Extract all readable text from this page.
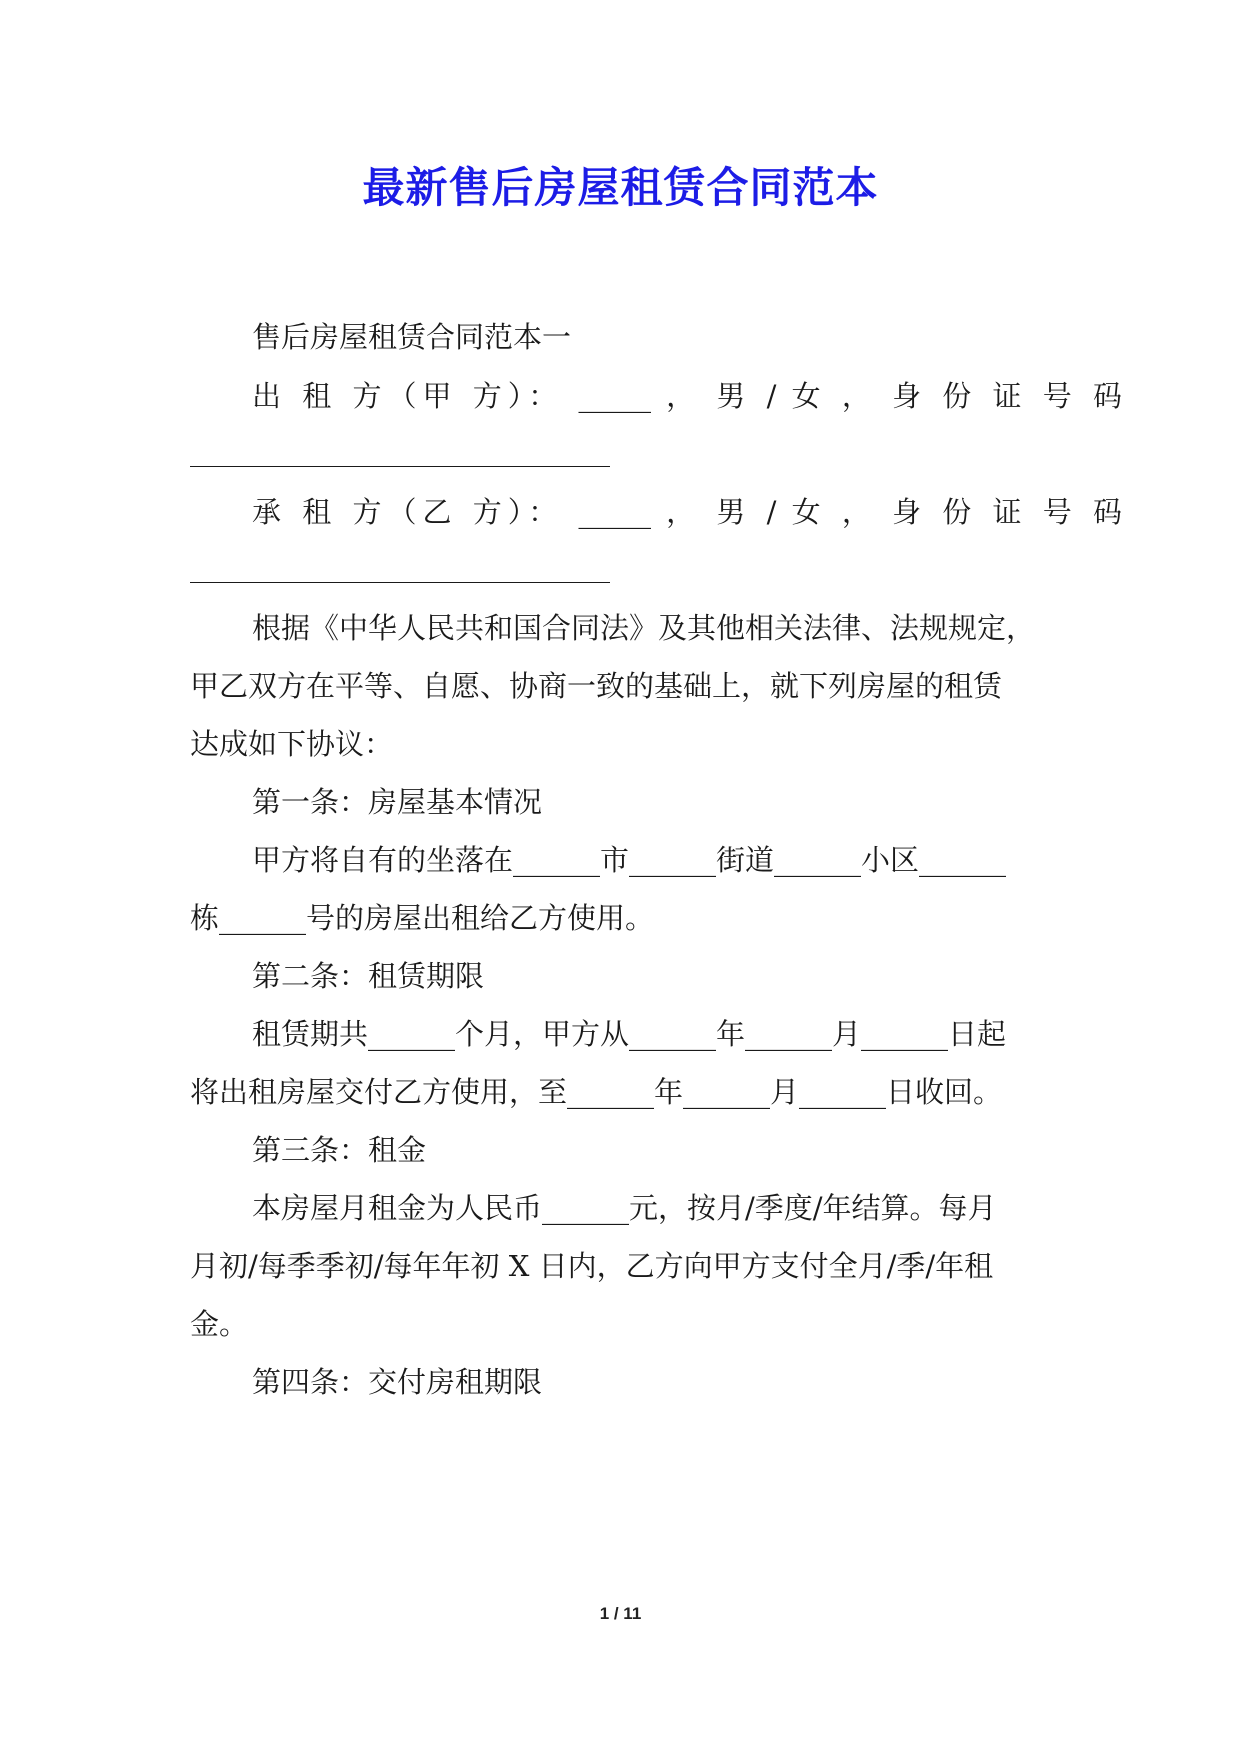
最新售后房屋租赁合同范本
售后房屋租赁合同范本一
出 租 方（甲 方）： _____ ， 男 / 女 ， 身 份 证 号 码
承 租 方（乙 方）： _____ ， 男 / 女 ， 身 份 证 号 码
根据《中华人民共和国合同法》及其他相关法律、法规规定，
甲乙双方在平等、自愿、协商一致的基础上，就下列房屋的租赁
达成如下协议：
第一条：房屋基本情况
甲方将自有的坐落在______市______街道______小区______
栋______号的房屋出租给乙方使用。
第二条：租赁期限
租赁期共______个月，甲方从______年______月______日起
将出租房屋交付乙方使用，至______年______月______日收回。
第三条：租金
本房屋月租金为人民币______元，按月/季度/年结算。每月
月初/每季季初/每年年初 X 日内，乙方向甲方支付全月/季/年租
金。
第四条：交付房租期限
1 / 11
